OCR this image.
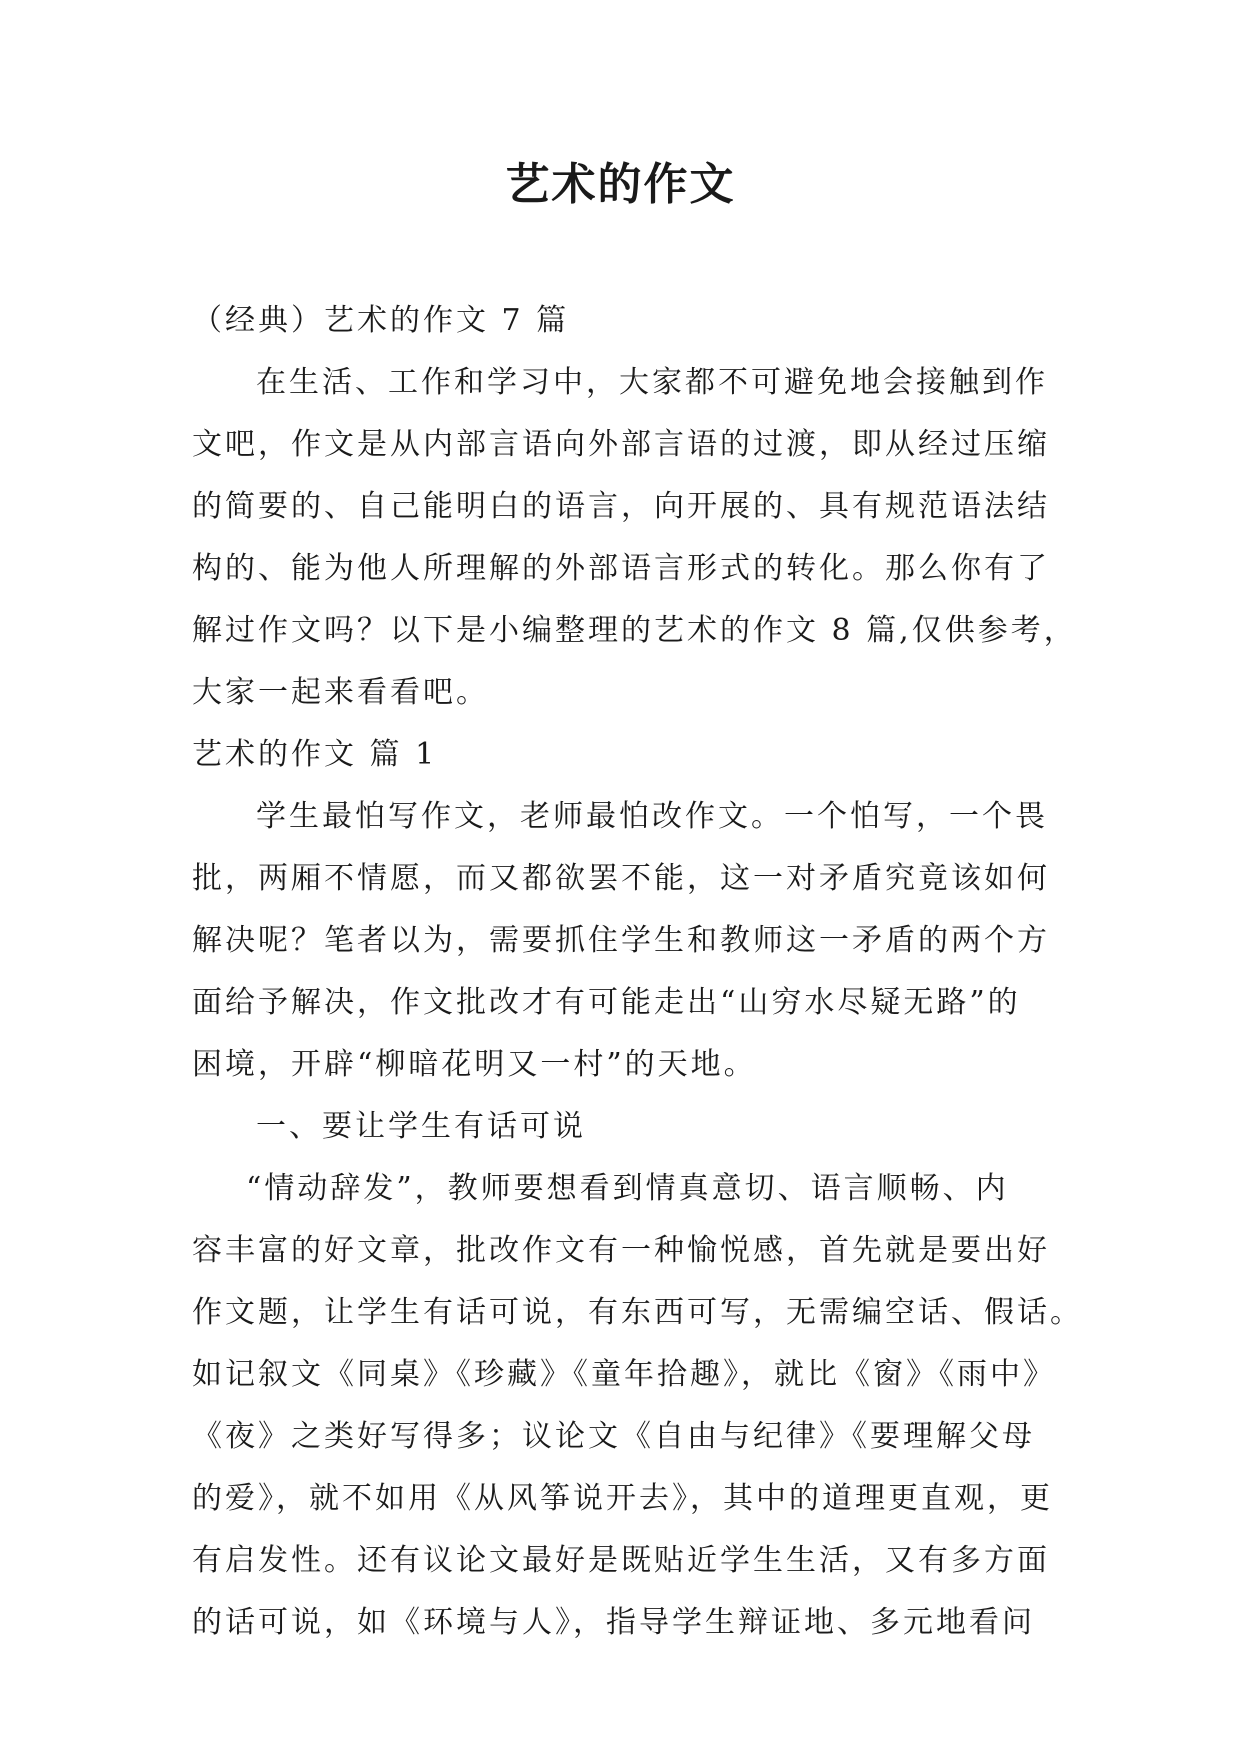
艺术的作文
（经典）艺术的作文 7 篇
在生活、工作和学习中，大家都不可避免地会接触到作
文吧，作文是从内部言语向外部言语的过渡，即从经过压缩
的简要的、自己能明白的语言，向开展的、具有规范语法结
构的、能为他人所理解的外部语言形式的转化。那么你有了
解过作文吗？以下是小编整理的艺术的作文 8 篇,仅供参考，
大家一起来看看吧。
艺术的作文 篇 1
学生最怕写作文，老师最怕改作文。一个怕写，一个畏
批，两厢不情愿，而又都欲罢不能，这一对矛盾究竟该如何
解决呢？笔者以为，需要抓住学生和教师这一矛盾的两个方
面给予解决，作文批改才有可能走出“山穷水尽疑无路”的
困境，开辟“柳暗花明又一村”的天地。
一、要让学生有话可说
“情动辞发”，教师要想看到情真意切、语言顺畅、内
容丰富的好文章，批改作文有一种愉悦感，首先就是要出好
作文题，让学生有话可说，有东西可写，无需编空话、假话。
如记叙文《同桌》《珍藏》《童年拾趣》，就比《窗》《雨中》
《夜》之类好写得多；议论文《自由与纪律》《要理解父母
的爱》，就不如用《从风筝说开去》，其中的道理更直观，更
有启发性。还有议论文最好是既贴近学生生活，又有多方面
的话可说，如《环境与人》，指导学生辩证地、多元地看问
